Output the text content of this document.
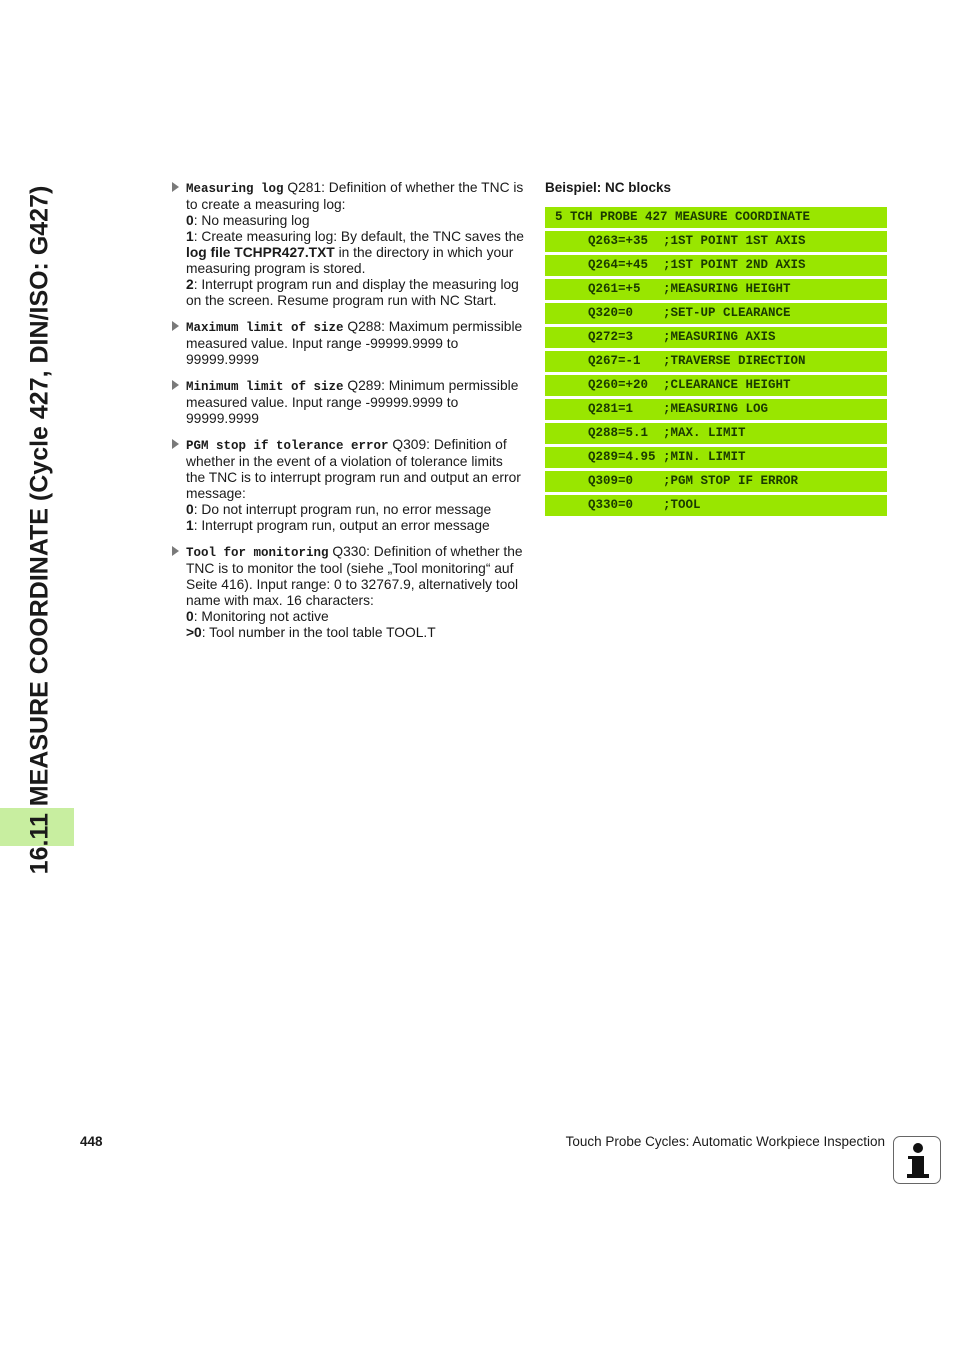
16.11 MEASURE COORDINATE (Cycle 427, DIN/ISO: G427)	Measuring log Q281: Definition of whether the TNC is to create a measuring log:
0: No measuring log
1: Create measuring log: By default, the TNC saves the log file TCHPR427.TXT in the directory in which your measuring program is stored.
2: Interrupt program run and display the measuring log on the screen. Resume program run with NC Start.
Maximum limit of size Q288: Maximum permissible measured value. Input range -99999.9999 to 99999.9999
Minimum limit of size Q289: Minimum permissible measured value. Input range -99999.9999 to 99999.9999
PGM stop if tolerance error Q309: Definition of whether in the event of a violation of tolerance limits the TNC is to interrupt program run and output an error message:
0: Do not interrupt program run, no error message
1: Interrupt program run, output an error message
Tool for monitoring Q330: Definition of whether the TNC is to monitor the tool (siehe „Tool monitoring“ auf Seite 416). Input range: 0 to 32767.9, alternatively tool name with max. 16 characters:
0: Monitoring not active
>0: Tool number in the tool table TOOL.T
Beispiel: NC blocks
5 TCH PROBE 427 MEASURE COORDINATE
Q263=+35  ;1ST POINT 1ST AXIS
Q264=+45  ;1ST POINT 2ND AXIS
Q261=+5   ;MEASURING HEIGHT
Q320=0    ;SET-UP CLEARANCE
Q272=3    ;MEASURING AXIS
Q267=-1   ;TRAVERSE DIRECTION
Q260=+20  ;CLEARANCE HEIGHT
Q281=1    ;MEASURING LOG
Q288=5.1  ;MAX. LIMIT
Q289=4.95 ;MIN. LIMIT
Q309=0    ;PGM STOP IF ERROR
Q330=0    ;TOOL
448	Touch Probe Cycles: Automatic Workpiece Inspection
